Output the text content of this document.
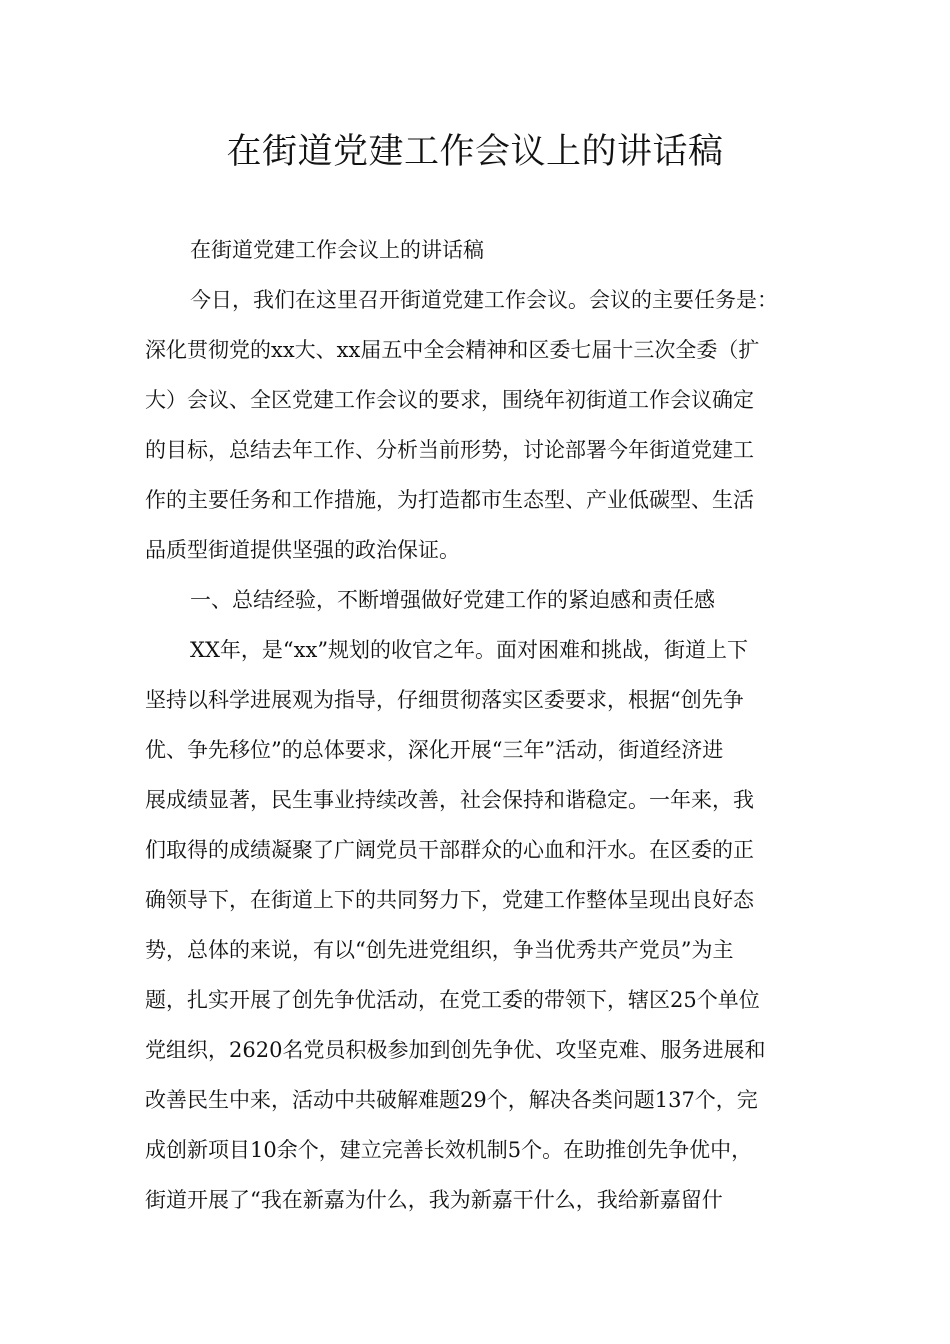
在街道党建工作会议上的讲话稿
在街道党建工作会议上的讲话稿
今日，我们在这里召开街道党建工作会议。会议的主要任务是：
深化贯彻党的xx大、xx届五中全会精神和区委七届十三次全委（扩
大）会议、全区党建工作会议的要求，围绕年初街道工作会议确定
的目标，总结去年工作、分析当前形势，讨论部署今年街道党建工
作的主要任务和工作措施，为打造都市生态型、产业低碳型、生活
品质型街道提供坚强的政治保证。
一、总结经验，不断增强做好党建工作的紧迫感和责任感
XX年，是“xx”规划的收官之年。面对困难和挑战，街道上下
坚持以科学进展观为指导，仔细贯彻落实区委要求，根据“创先争
优、争先移位”的总体要求，深化开展“三年”活动，街道经济进
展成绩显著，民生事业持续改善，社会保持和谐稳定。一年来，我
们取得的成绩凝聚了广阔党员干部群众的心血和汗水。在区委的正
确领导下，在街道上下的共同努力下，党建工作整体呈现出良好态
势，总体的来说，有以“创先进党组织，争当优秀共产党员”为主
题，扎实开展了创先争优活动，在党工委的带领下，辖区25个单位
党组织，2620名党员积极参加到创先争优、攻坚克难、服务进展和
改善民生中来，活动中共破解难题29个，解决各类问题137个，完
成创新项目10余个，建立完善长效机制5个。在助推创先争优中，
街道开展了“我在新嘉为什么，我为新嘉干什么，我给新嘉留什
